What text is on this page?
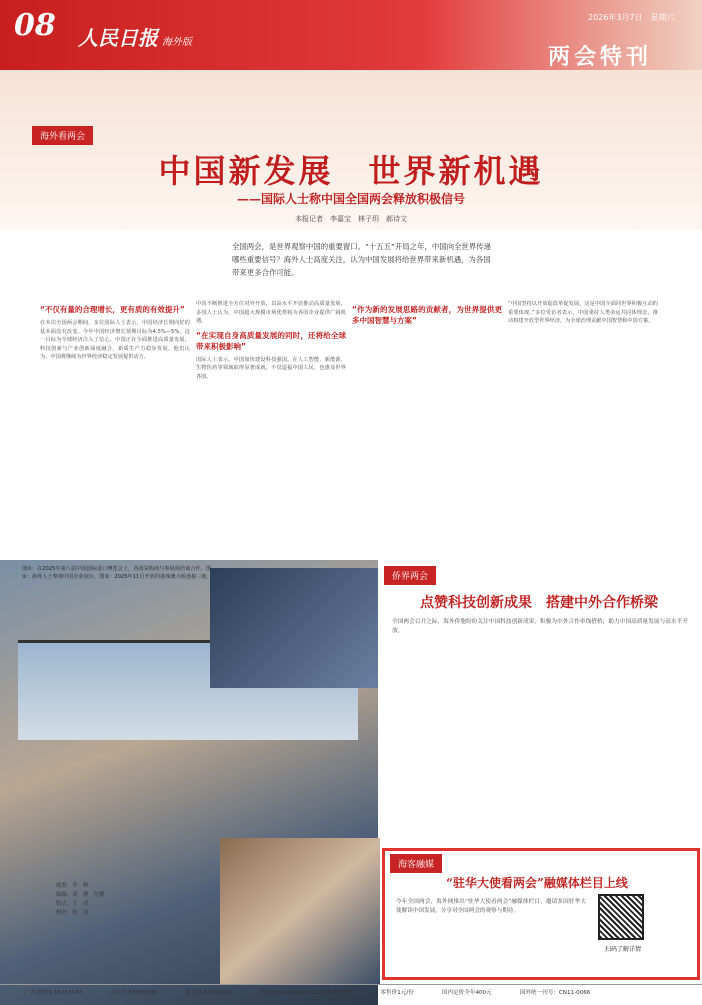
08 人民日报 海外版
2026年3月7日　星期六
两会特刊
海外看两会
中国新发展　世界新机遇
——国际人士称中国全国两会释放积极信号
本报记者　李嘉宝　林子玥　郝诗文
全国两会，是世界观察中国的重要窗口。“十五五”开局之年，中国向全世界传递哪些重要信号？海外人士高度关注，认为中国发展将给世界带来新机遇，为各国带来更多合作可能。
“不仅有量的合理增长，更有质的有效提升”
在本次全国两会期间，多位国际人士表示，中国经济长期向好的基本面没有改变。今年中国经济增长预期目标为4.5%—5%，这一目标为全球经济注入了信心。中国正在全面推进高质量发展，科技创新与产业创新深度融合，新质生产力稳步发展。他们认为，中国将继续为世界经济稳定发展提供动力。
中国不断推进全方位对外开放，以高水平开放推动高质量发展。多国人士认为，中国超大规模市场优势将为各国企业提供广阔机遇。
“在实现自身高质量发展的同时，还将给全球带来积极影响”
国际人士表示，中国加快建设科技强国，在人工智能、新能源、生物医药等领域取得显著成就，不仅造福中国人民，也惠及世界各国。
“作为新的发展思路的贡献者，为世界提供更多中国智慧与方案”
“中国坚持以开放促改革促发展，这是中国全面同世界积极互动的重要体现。”多位受访者表示，中国秉持人类命运共同体理念，推动构建开放型世界经济，为全球治理贡献中国智慧和中国方案。
图①：在2025年第八届中国国际进口博览会上，各国采购商与参展商洽谈合作。图②：海外人士参观中国企业展台。图③：2025年11月开放的港珠澳大桥连接三地。
统筹：李　峰
编辑：刘　静　付鹏
版式：王　成
校对：张　霞
侨界两会
点赞科技创新成果　搭建中外合作桥梁
全国两会召开之际，海外侨胞纷纷关注中国科技创新成果，积极为中外合作牵线搭桥，助力中国高质量发展与高水平开放。
海客融媒
“驻华大使看两会”融媒体栏目上线
今年全国两会，海外网推出“驻华大使看两会”融媒体栏目，邀请多国驻华大使解读中国发展，分享对全国两会的观察与期待。
扫码了解详情
广告部热线 65363547	办公室 65369330	发行部 65369319	网址 http://www.(8610)65003000	零售价1元/份	国内定价全年400元	国外统一刊号：CN11-0066
